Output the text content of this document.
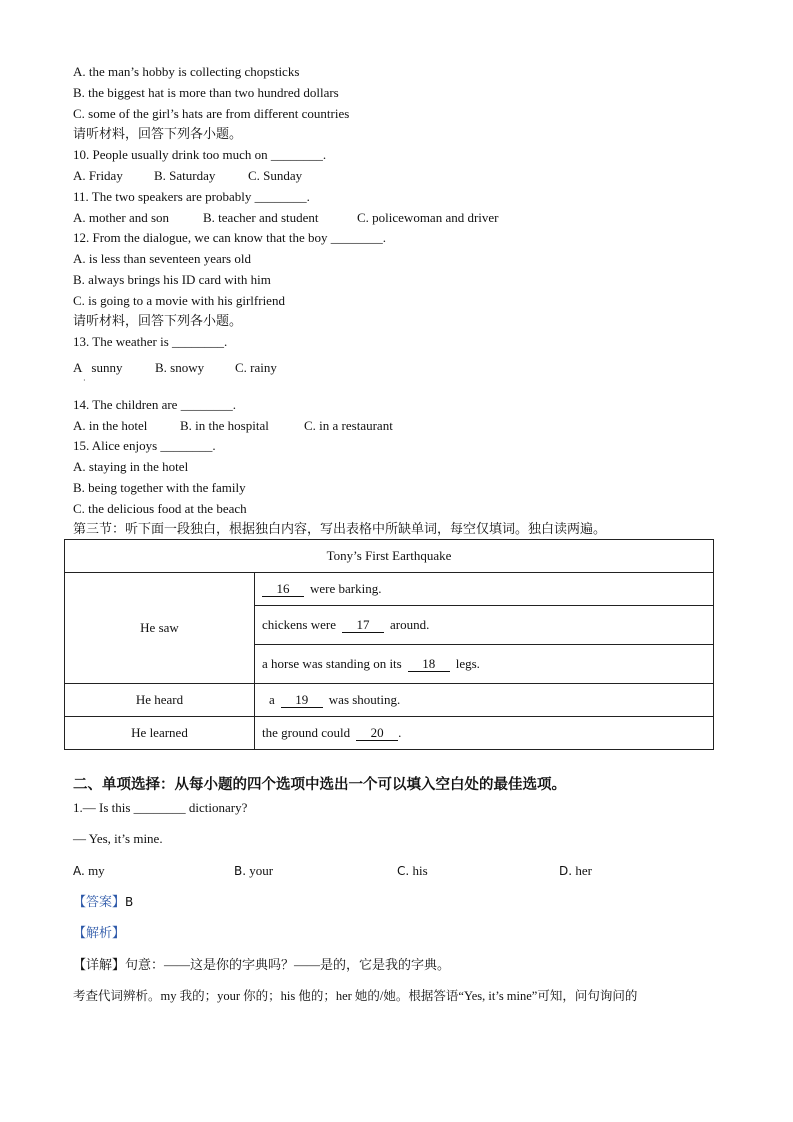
A. the man’s hobby is collecting chopsticks
B. the biggest hat is more than two hundred dollars
C. some of the girl’s hats are from different countries
请听材料，回答下列各小题。
10. People usually drink too much on ________.
A. Friday B. Saturday	C. Sunday
11. The two speakers are probably ________.
A. mother and son	B. teacher and student	C. policewoman and driver
12. From the dialogue, we can know that the boy ________.
A. is less than seventeen years old
B. always brings his ID card with him
C. is going to a movie with his girlfriend
请听材料，回答下列各小题。
13. The weather is ________.
A   sunny
·
B. snowy C. rainy
14. The children are ________.
A. in the hotel	B. in the hospital	C. in a restaurant
15. Alice enjoys ________.
A. staying in the hotel
B. being together with the family
C. the delicious food at the beach
第三节：听下面一段独白，根据独白内容，写出表格中所缺单词，每空仅填词。独白读两遍。
Tony’s First Earthquake	
He saw	16 were barking.
	chickens were 17 around.
	a horse was standing on its 18 legs.
He heard	a 19 was shouting.
He learned	the ground could 20 .
二、单项选择：从每小题的四个选项中选出一个可以填入空白处的最佳选项。
1.— Is this ________ dictionary?
— Yes, it’s mine.
A. my	B. your	C. his	D. her
【答案】B
【解析】
【详解】句意：——这是你的字典吗？——是的，它是我的字典。
考查代词辨析。my 我的；your 你的；his 他的；her 她的/她。根据答语“Yes, it’s mine”可知，问句询问的
